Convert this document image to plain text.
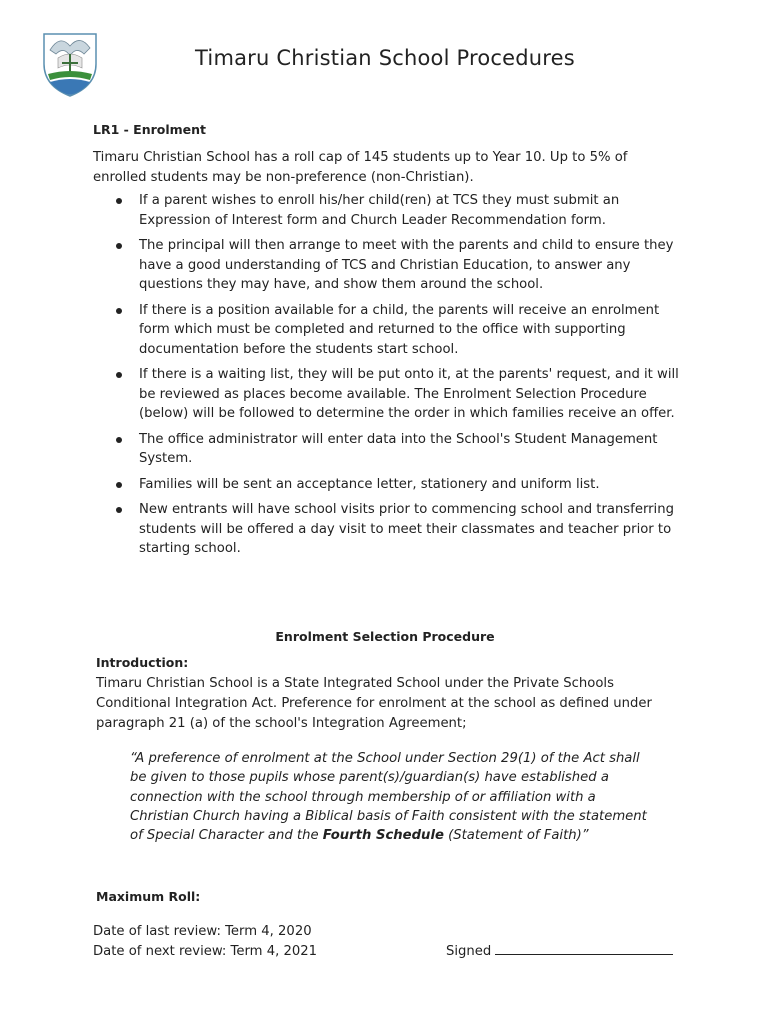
Timaru Christian School Procedures
LR1 - Enrolment
Timaru Christian School has a roll cap of 145 students up to Year 10. Up to 5% of enrolled students may be non-preference (non-Christian).
If a parent wishes to enroll his/her child(ren) at TCS they must submit an Expression of Interest form and Church Leader Recommendation form.
The principal will then arrange to meet with the parents and child to ensure they have a good understanding of TCS and Christian Education, to answer any questions they may have, and show them around the school.
If there is a position available for a child, the parents will receive an enrolment form which must be completed and returned to the office with supporting documentation before the students start school.
If there is a waiting list, they will be put onto it, at the parents' request, and it will be reviewed as places become available. The Enrolment Selection Procedure (below) will be followed to determine the order in which families receive an offer.
The office administrator will enter data into the School's Student Management System.
Families will be sent an acceptance letter, stationery and uniform list.
New entrants will have school visits prior to commencing school and transferring students will be offered a day visit to meet their classmates and teacher prior to starting school.
Enrolment Selection Procedure
Introduction:
Timaru Christian School is a State Integrated School under the Private Schools Conditional Integration Act. Preference for enrolment at the school as defined under paragraph 21 (a) of the school's Integration Agreement;
“A preference of enrolment at the School under Section 29(1) of the Act shall be given to those pupils whose parent(s)/guardian(s) have established a connection with the school through membership of or affiliation with a Christian Church having a Biblical basis of Faith consistent with the statement of Special Character and the Fourth Schedule (Statement of Faith)”
Maximum Roll:
Date of last review: Term 4, 2020
Date of next review: Term 4, 2021	Signed
